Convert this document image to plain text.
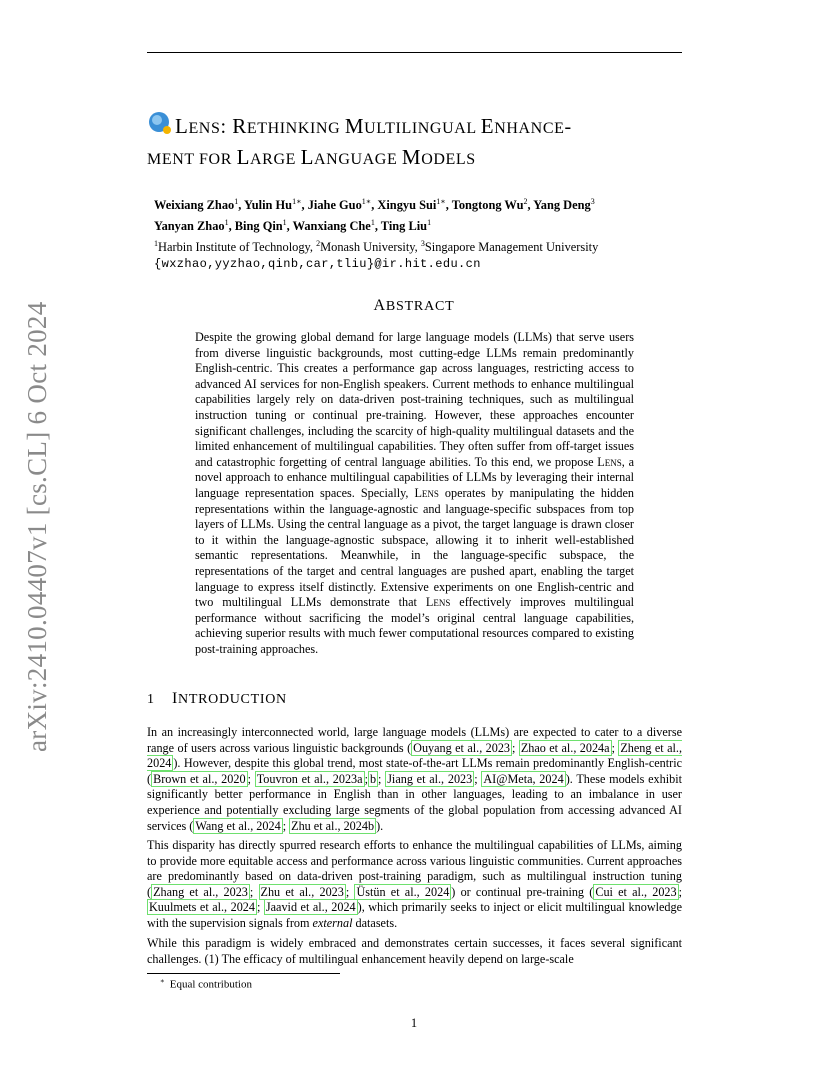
arXiv:2410.04407v1 [cs.CL] 6 Oct 2024
LENS: RETHINKING MULTILINGUAL ENHANCE-
MENT FOR LARGE LANGUAGE MODELS
Weixiang Zhao$^1$, Yulin $Hu^{1∗}$, Jiahe Guo$^{1∗}$, Xingyu Sui$^{1∗}$, Tongtong Wu$^2$, Yang Deng$^3$
Yanyan Zhao$^1$, Bing Qin$^1$, Wanxiang Che$^1$, Ting Liu$^1$
$^1$Harbin Institute of Technology, $^2$Monash University, $^3$Singapore Management University
{wxzhao,yyzhao,qinb,car,tliu}@ir.hit.edu.cn
ABSTRACT
Despite the growing global demand for large language models (LLMs) that serve users from diverse linguistic backgrounds, most cutting-edge LLMs remain predominantly English-centric. This creates a performance gap across languages, restricting access to advanced AI services for non-English speakers. Current methods to enhance multilingual capabilities largely rely on data-driven post-training techniques, such as multilingual instruction tuning or continual pre-training. However, these approaches encounter significant challenges, including the scarcity of high-quality multilingual datasets and the limited enhancement of multilingual capabilities. They often suffer from off-target issues and catastrophic forgetting of central language abilities. To this end, we propose Lens, a novel approach to enhance multilingual capabilities of LLMs by leveraging their internal language representation spaces. Specially, Lens operates by manipulating the hidden representations within the language-agnostic and language-specific subspaces from top layers of LLMs. Using the central language as a pivot, the target language is drawn closer to it within the language-agnostic subspace, allowing it to inherit well-established semantic representations. Meanwhile, in the language-specific subspace, the representations of the target and central languages are pushed apart, enabling the target language to express itself distinctly. Extensive experiments on one English-centric and two multilingual LLMs demonstrate that Lens effectively improves multilingual performance without sacrificing the model’s original central language capabilities, achieving superior results with much fewer computational resources compared to existing post-training approaches.
1 INTRODUCTION
In an increasingly interconnected world, large language models (LLMs) are expected to cater to a diverse range of users across various linguistic backgrounds ( Ouyang et al., 2023 ; Zhao et al., 2024a ; Zheng et al., 2024 ). However, despite this global trend, most state-of-the-art LLMs remain predominantly English-centric ( Brown et al., 2020 ; Touvron et al., 2023a ; b ; Jiang et al., 2023 ; AI@Meta, 2024 ). These models exhibit significantly better performance in English than in other languages, leading to an imbalance in user experience and potentially excluding large segments of the global population from accessing advanced AI services ( Wang et al., 2024 ; Zhu et al., 2024b ).
This disparity has directly spurred research efforts to enhance the multilingual capabilities of LLMs, aiming to provide more equitable access and performance across various linguistic communities. Current approaches are predominantly based on data-driven post-training paradigm, such as multilingual instruction tuning ( Zhang et al., 2023 ; Zhu et al., 2023 ; Üstün et al., 2024 ) or continual pre-training ( Cui et al., 2023 ; Kuulmets et al., 2024 ; Jaavid et al., 2024 ), which primarily seeks to inject or elicit multilingual knowledge with the supervision signals from external datasets.
While this paradigm is widely embraced and demonstrates certain successes, it faces several significant challenges. (1) The efficacy of multilingual enhancement heavily depend on large-scale
∗ Equal contribution
1
